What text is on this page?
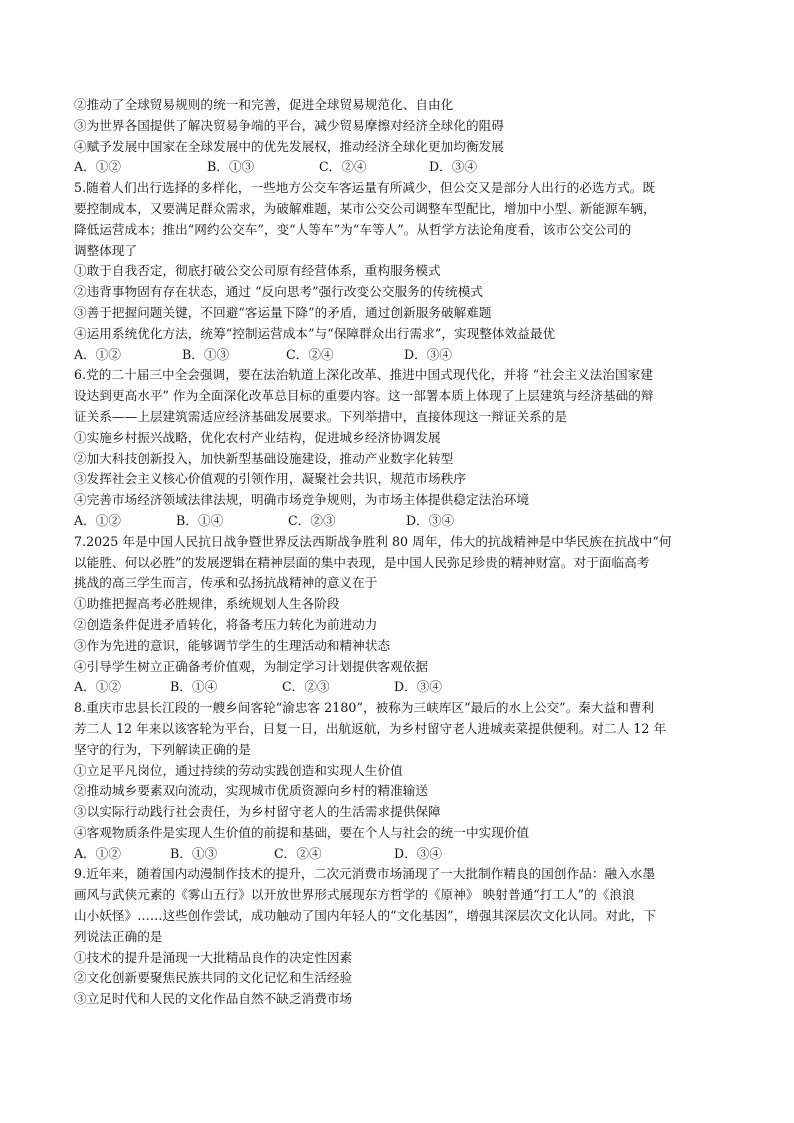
②推动了全球贸易规则的统一和完善，促进全球贸易规范化、自由化
③为世界各国提供了解决贸易争端的平台，减少贸易摩擦对经济全球化的阻碍
④赋予发展中国家在全球发展中的优先发展权，推动经济全球化更加均衡发展
A．①②	B．①③	C．②④	D．③④
5.随着人们出行选择的多样化，一些地方公交车客运量有所减少，但公交又是部分人出行的必选方式。既
要控制成本，又要满足群众需求，为破解难题，某市公交公司调整车型配比，增加中小型、新能源车辆，
降低运营成本；推出“网约公交车”，变“人等车”为“车等人”。从哲学方法论角度看，该市公交公司的
调整体现了
①敢于自我否定，彻底打破公交公司原有经营体系，重构服务模式
②违背事物固有存在状态，通过 “反向思考”强行改变公交服务的传统模式
③善于把握问题关键，不回避“客运量下降”的矛盾，通过创新服务破解难题
④运用系统优化方法，统筹“控制运营成本”与“保障群众出行需求”，实现整体效益最优
A．①②	B．①③	C．②④	D．③④
6.党的二十届三中全会强调，要在法治轨道上深化改革、推进中国式现代化，并将 “社会主义法治国家建
设达到更高水平” 作为全面深化改革总目标的重要内容。这一部署本质上体现了上层建筑与经济基础的辩
证关系——上层建筑需适应经济基础发展要求。下列举措中，直接体现这一辩证关系的是
①实施乡村振兴战略，优化农村产业结构，促进城乡经济协调发展
②加大科技创新投入，加快新型基础设施建设，推动产业数字化转型
③发挥社会主义核心价值观的引领作用，凝聚社会共识，规范市场秩序
④完善市场经济领域法律法规，明确市场竞争规则，为市场主体提供稳定法治环境
A．①②	B．①④	C．②③	D．③④
7.2025 年是中国人民抗日战争暨世界反法西斯战争胜利 80 周年，伟大的抗战精神是中华民族在抗战中“何
以能胜、何以必胜”的发展逻辑在精神层面的集中表现，是中国人民弥足珍贵的精神财富。对于面临高考
挑战的高三学生而言，传承和弘扬抗战精神的意义在于
①助推把握高考必胜规律，系统规划人生各阶段
②创造条件促进矛盾转化，将备考压力转化为前进动力
③作为先进的意识，能够调节学生的生理活动和精神状态
④引导学生树立正确备考价值观，为制定学习计划提供客观依据
A．①②	B．①④	C．②③	D．③④
8.重庆市忠县长江段的一艘乡间客轮“渝忠客 2180”，被称为三峡库区“最后的水上公交”。秦大益和曹利
芳二人 12 年来以该客轮为平台，日复一日，出航返航，为乡村留守老人进城卖菜提供便利。对二人 12 年
坚守的行为，下列解读正确的是
①立足平凡岗位，通过持续的劳动实践创造和实现人生价值
②推动城乡要素双向流动，实现城市优质资源向乡村的精准输送
③以实际行动践行社会责任，为乡村留守老人的生活需求提供保障
④客观物质条件是实现人生价值的前提和基础，要在个人与社会的统一中实现价值
A．①②	B．①③	C．②④	D．③④
9.近年来，随着国内动漫制作技术的提升，二次元消费市场涌现了一大批制作精良的国创作品：融入水墨
画风与武侠元素的《雾山五行》以开放世界形式展现东方哲学的《原神》 映射普通“打工人”的《浪浪
山小妖怪》……这些创作尝试，成功触动了国内年轻人的“文化基因”，增强其深层次文化认同。对此，下
列说法正确的是
①技术的提升是涌现一大批精品良作的决定性因素
②文化创新要聚焦民族共同的文化记忆和生活经验
③立足时代和人民的文化作品自然不缺乏消费市场
